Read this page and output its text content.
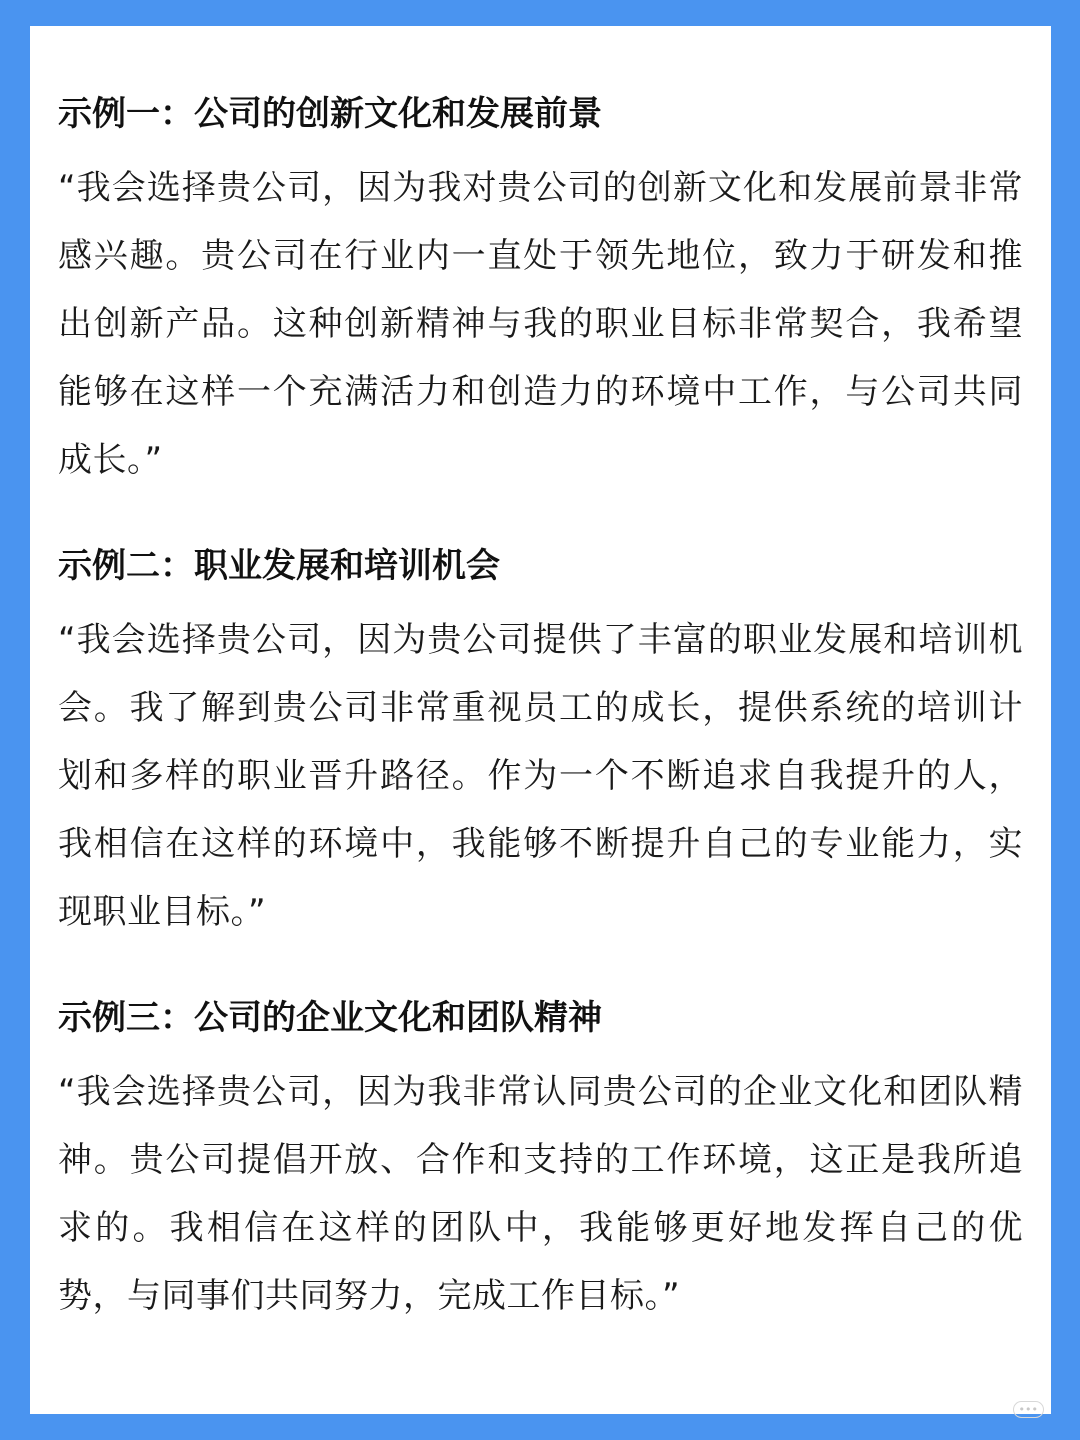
示例一：公司的创新文化和发展前景

“我会选择贵公司，因为我对贵公司的创新文化和发展前景非常感兴趣。贵公司在行业内一直处于领先地位，致力于研发和推出创新产品。这种创新精神与我的职业目标非常契合，我希望能够在这样一个充满活力和创造力的环境中工作，与公司共同成长。”

示例二：职业发展和培训机会

“我会选择贵公司，因为贵公司提供了丰富的职业发展和培训机会。我了解到贵公司非常重视员工的成长，提供系统的培训计划和多样的职业晋升路径。作为一个不断追求自我提升的人，我相信在这样的环境中，我能够不断提升自己的专业能力，实现职业目标。”

示例三：公司的企业文化和团队精神

“我会选择贵公司，因为我非常认同贵公司的企业文化和团队精神。贵公司提倡开放、合作和支持的工作环境，这正是我所追求的。我相信在这样的团队中，我能够更好地发挥自己的优势，与同事们共同努力，完成工作目标。”

•••
